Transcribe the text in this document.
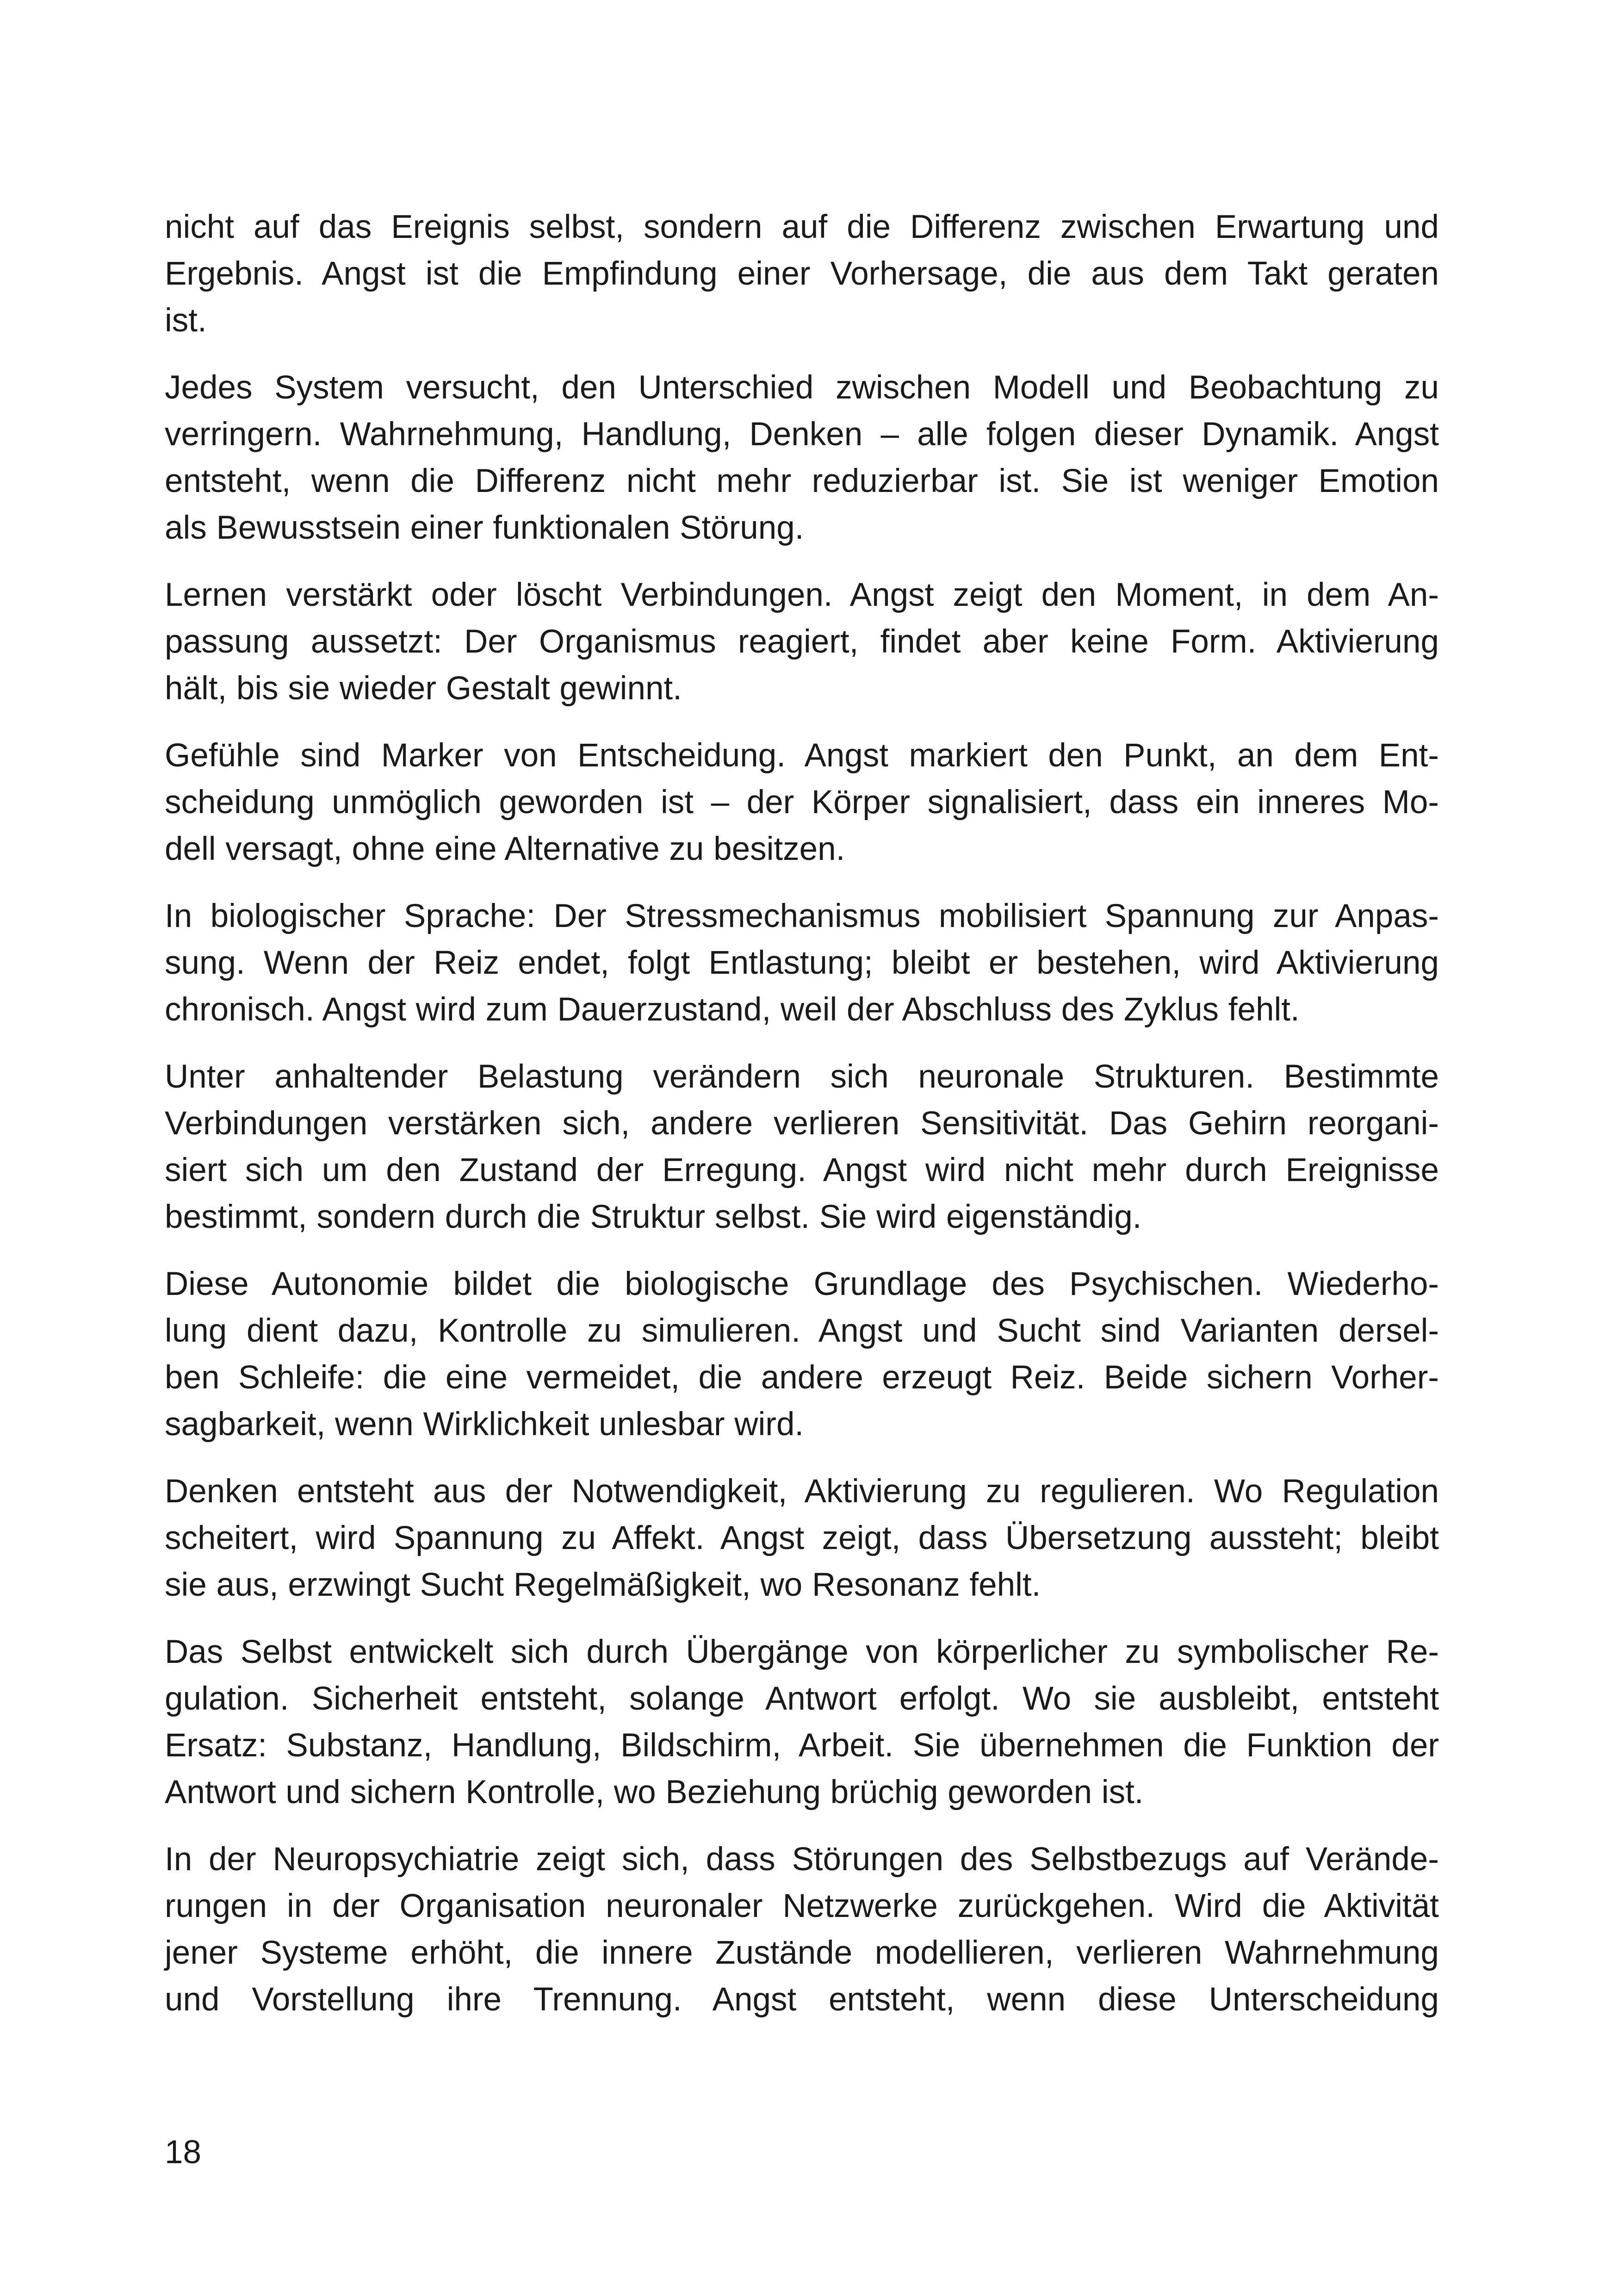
nicht auf das Ereignis selbst, sondern auf die Differenz zwischen Erwartung und
Ergebnis. Angst ist die Empfindung einer Vorhersage, die aus dem Takt geraten
ist.

Jedes System versucht, den Unterschied zwischen Modell und Beobachtung zu
verringern. Wahrnehmung, Handlung, Denken – alle folgen dieser Dynamik. Angst
entsteht, wenn die Differenz nicht mehr reduzierbar ist. Sie ist weniger Emotion
als Bewusstsein einer funktionalen Störung.

Lernen verstärkt oder löscht Verbindungen. Angst zeigt den Moment, in dem An-
passung aussetzt: Der Organismus reagiert, findet aber keine Form. Aktivierung
hält, bis sie wieder Gestalt gewinnt.

Gefühle sind Marker von Entscheidung. Angst markiert den Punkt, an dem Ent-
scheidung unmöglich geworden ist – der Körper signalisiert, dass ein inneres Mo-
dell versagt, ohne eine Alternative zu besitzen.

In biologischer Sprache: Der Stressmechanismus mobilisiert Spannung zur Anpas-
sung. Wenn der Reiz endet, folgt Entlastung; bleibt er bestehen, wird Aktivierung
chronisch. Angst wird zum Dauerzustand, weil der Abschluss des Zyklus fehlt.

Unter anhaltender Belastung verändern sich neuronale Strukturen. Bestimmte
Verbindungen verstärken sich, andere verlieren Sensitivität. Das Gehirn reorgani-
siert sich um den Zustand der Erregung. Angst wird nicht mehr durch Ereignisse
bestimmt, sondern durch die Struktur selbst. Sie wird eigenständig.

Diese Autonomie bildet die biologische Grundlage des Psychischen. Wiederho-
lung dient dazu, Kontrolle zu simulieren. Angst und Sucht sind Varianten dersel-
ben Schleife: die eine vermeidet, die andere erzeugt Reiz. Beide sichern Vorher-
sagbarkeit, wenn Wirklichkeit unlesbar wird.

Denken entsteht aus der Notwendigkeit, Aktivierung zu regulieren. Wo Regulation
scheitert, wird Spannung zu Affekt. Angst zeigt, dass Übersetzung aussteht; bleibt
sie aus, erzwingt Sucht Regelmäßigkeit, wo Resonanz fehlt.

Das Selbst entwickelt sich durch Übergänge von körperlicher zu symbolischer Re-
gulation. Sicherheit entsteht, solange Antwort erfolgt. Wo sie ausbleibt, entsteht
Ersatz: Substanz, Handlung, Bildschirm, Arbeit. Sie übernehmen die Funktion der
Antwort und sichern Kontrolle, wo Beziehung brüchig geworden ist.

In der Neuropsychiatrie zeigt sich, dass Störungen des Selbstbezugs auf Verände-
rungen in der Organisation neuronaler Netzwerke zurückgehen. Wird die Aktivität
jener Systeme erhöht, die innere Zustände modellieren, verlieren Wahrnehmung
und Vorstellung ihre Trennung. Angst entsteht, wenn diese Unterscheidung

18
